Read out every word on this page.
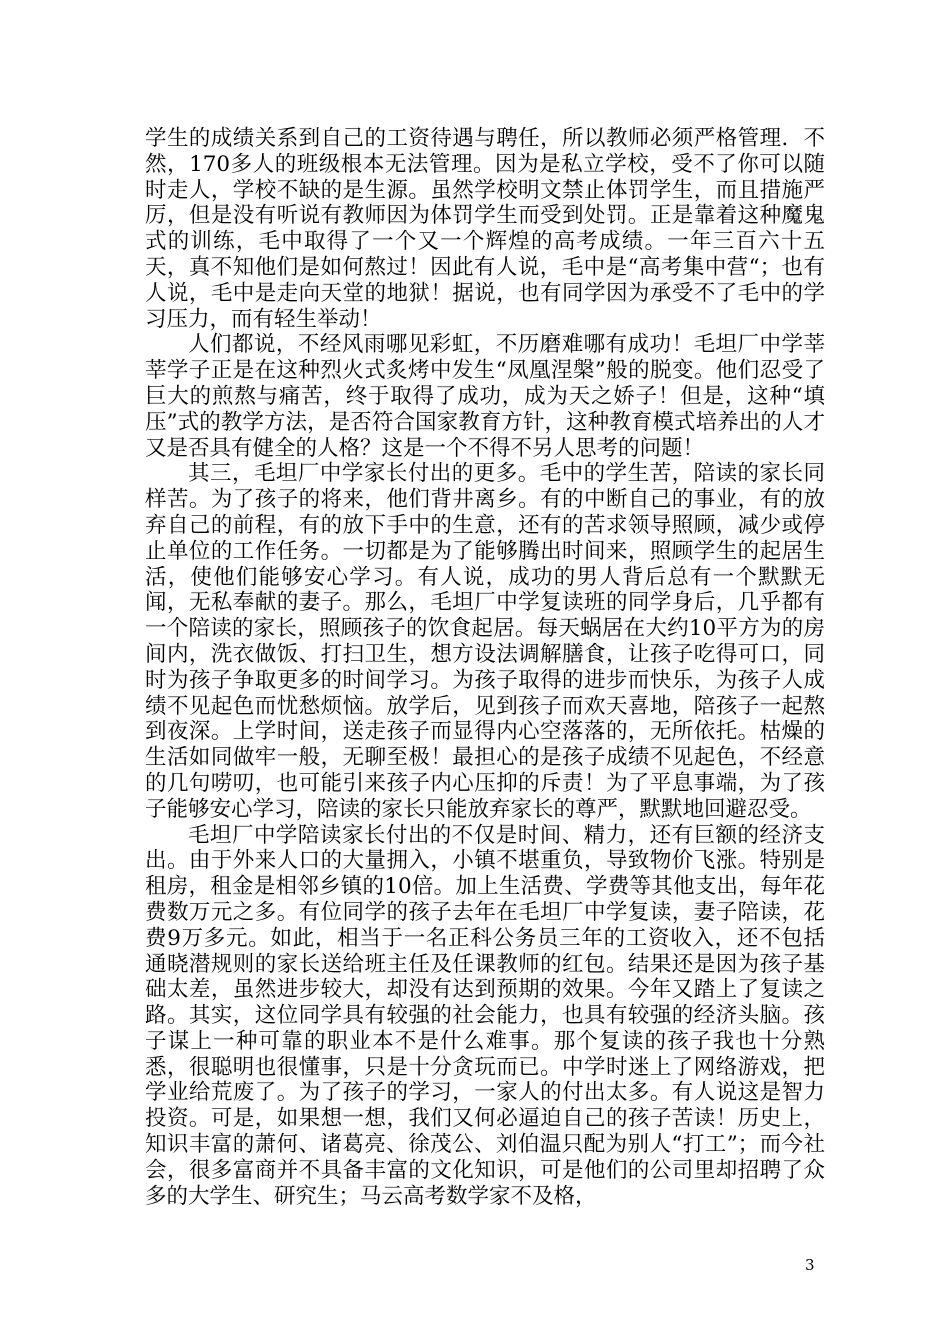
学生的成绩关系到自己的工资待遇与聘任，所以教师必须严格管理．不然，170多人的班级根本无法管理。因为是私立学校，受不了你可以随时走人，学校不缺的是生源。虽然学校明文禁止体罚学生，而且措施严厉，但是没有听说有教师因为体罚学生而受到处罚。正是靠着这种魔鬼式的训练，毛中取得了一个又一个辉煌的高考成绩。一年三百六十五天，真不知他们是如何熬过！因此有人说，毛中是“高考集中营“；也有人说，毛中是走向天堂的地狱！据说，也有同学因为承受不了毛中的学习压力，而有轻生举动！

人们都说，不经风雨哪见彩虹，不历磨难哪有成功！毛坦厂中学莘莘学子正是在这种烈火式炙烤中发生“凤凰涅槃”般的脱变。他们忍受了巨大的煎熬与痛苦，终于取得了成功，成为天之娇子！但是，这种“填压”式的教学方法，是否符合国家教育方针，这种教育模式培养出的人才又是否具有健全的人格？这是一个不得不另人思考的问题！

其三，毛坦厂中学家长付出的更多。毛中的学生苦，陪读的家长同样苦。为了孩子的将来，他们背井离乡。有的中断自己的事业，有的放弃自己的前程，有的放下手中的生意，还有的苦求领导照顾，减少或停止单位的工作任务。一切都是为了能够腾出时间来，照顾学生的起居生活，使他们能够安心学习。有人说，成功的男人背后总有一个默默无闻，无私奉献的妻子。那么，毛坦厂中学复读班的同学身后，几乎都有一个陪读的家长，照顾孩子的饮食起居。每天蜗居在大约10平方为的房间内，洗衣做饭、打扫卫生，想方设法调解膳食，让孩子吃得可口，同时为孩子争取更多的时间学习。为孩子取得的进步而快乐，为孩子人成绩不见起色而忧愁烦恼。放学后，见到孩子而欢天喜地，陪孩子一起熬到夜深。上学时间，送走孩子而显得内心空落落的，无所依托。枯燥的生活如同做牢一般，无聊至极！最担心的是孩子成绩不见起色，不经意的几句唠叨，也可能引来孩子内心压抑的斥责！为了平息事端，为了孩子能够安心学习，陪读的家长只能放弃家长的尊严，默默地回避忍受。

毛坦厂中学陪读家长付出的不仅是时间、精力，还有巨额的经济支出。由于外来人口的大量拥入，小镇不堪重负，导致物价飞涨。特别是租房，租金是相邻乡镇的10倍。加上生活费、学费等其他支出，每年花费数万元之多。有位同学的孩子去年在毛坦厂中学复读，妻子陪读，花费9万多元。如此，相当于一名正科公务员三年的工资收入，还不包括通晓潜规则的家长送给班主任及任课教师的红包。结果还是因为孩子基础太差，虽然进步较大，却没有达到预期的效果。今年又踏上了复读之路。其实，这位同学具有较强的社会能力，也具有较强的经济头脑。孩子谋上一种可靠的职业本不是什么难事。那个复读的孩子我也十分熟悉，很聪明也很懂事，只是十分贪玩而已。中学时迷上了网络游戏，把学业给荒废了。为了孩子的学习，一家人的付出太多。有人说这是智力投资。可是，如果想一想，我们又何必逼迫自己的孩子苦读！历史上，知识丰富的萧何、诸葛亮、徐茂公、刘伯温只配为别人“打工”；而今社会，很多富商并不具备丰富的文化知识，可是他们的公司里却招聘了众多的大学生、研究生；马云高考数学家不及格，

3
